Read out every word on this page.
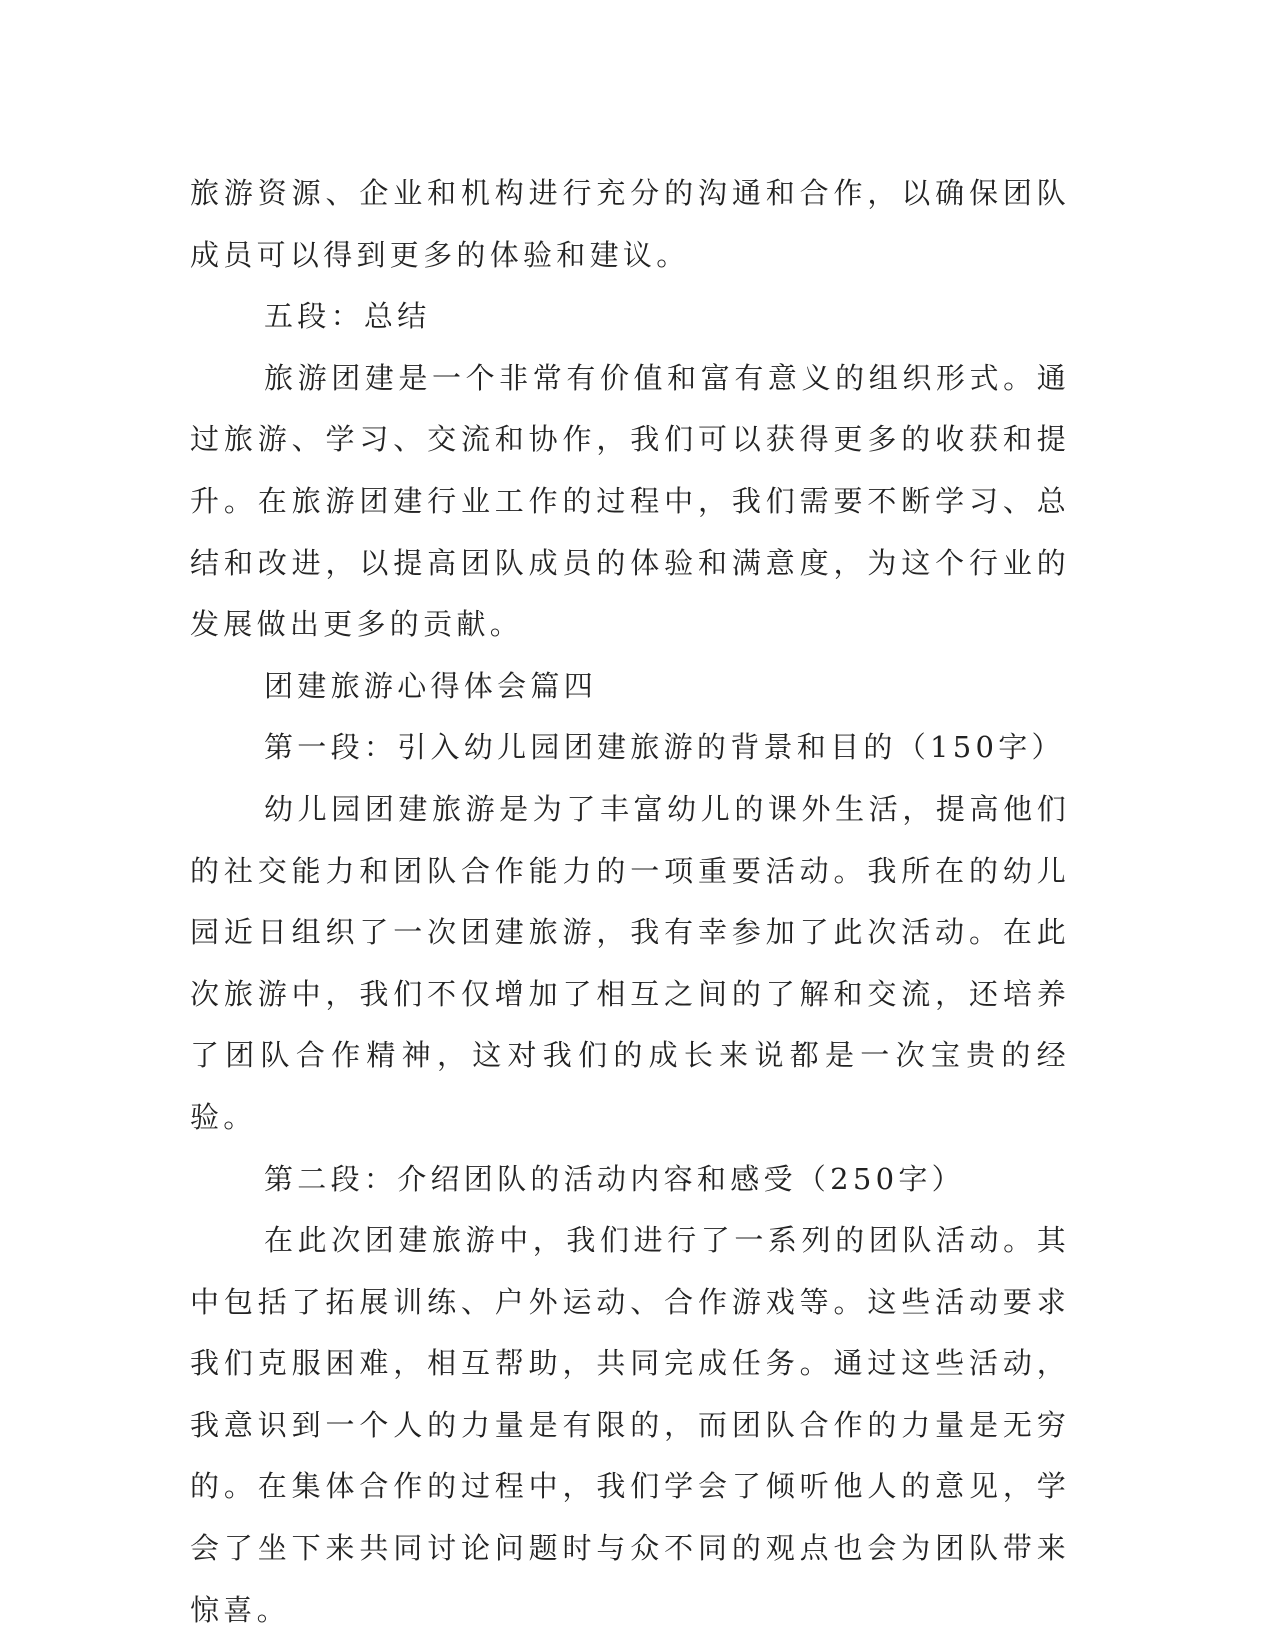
旅游资源、企业和机构进行充分的沟通和合作，以确保团队成员可以得到更多的体验和建议。

五段：总结

旅游团建是一个非常有价值和富有意义的组织形式。通过旅游、学习、交流和协作，我们可以获得更多的收获和提升。在旅游团建行业工作的过程中，我们需要不断学习、总结和改进，以提高团队成员的体验和满意度，为这个行业的发展做出更多的贡献。

团建旅游心得体会篇四

第一段：引入幼儿园团建旅游的背景和目的（150字）

幼儿园团建旅游是为了丰富幼儿的课外生活，提高他们的社交能力和团队合作能力的一项重要活动。我所在的幼儿园近日组织了一次团建旅游，我有幸参加了此次活动。在此次旅游中，我们不仅增加了相互之间的了解和交流，还培养了团队合作精神，这对我们的成长来说都是一次宝贵的经验。

第二段：介绍团队的活动内容和感受（250字）

在此次团建旅游中，我们进行了一系列的团队活动。其中包括了拓展训练、户外运动、合作游戏等。这些活动要求我们克服困难，相互帮助，共同完成任务。通过这些活动，我意识到一个人的力量是有限的，而团队合作的力量是无穷的。在集体合作的过程中，我们学会了倾听他人的意见，学会了坐下来共同讨论问题时与众不同的观点也会为团队带来惊喜。
